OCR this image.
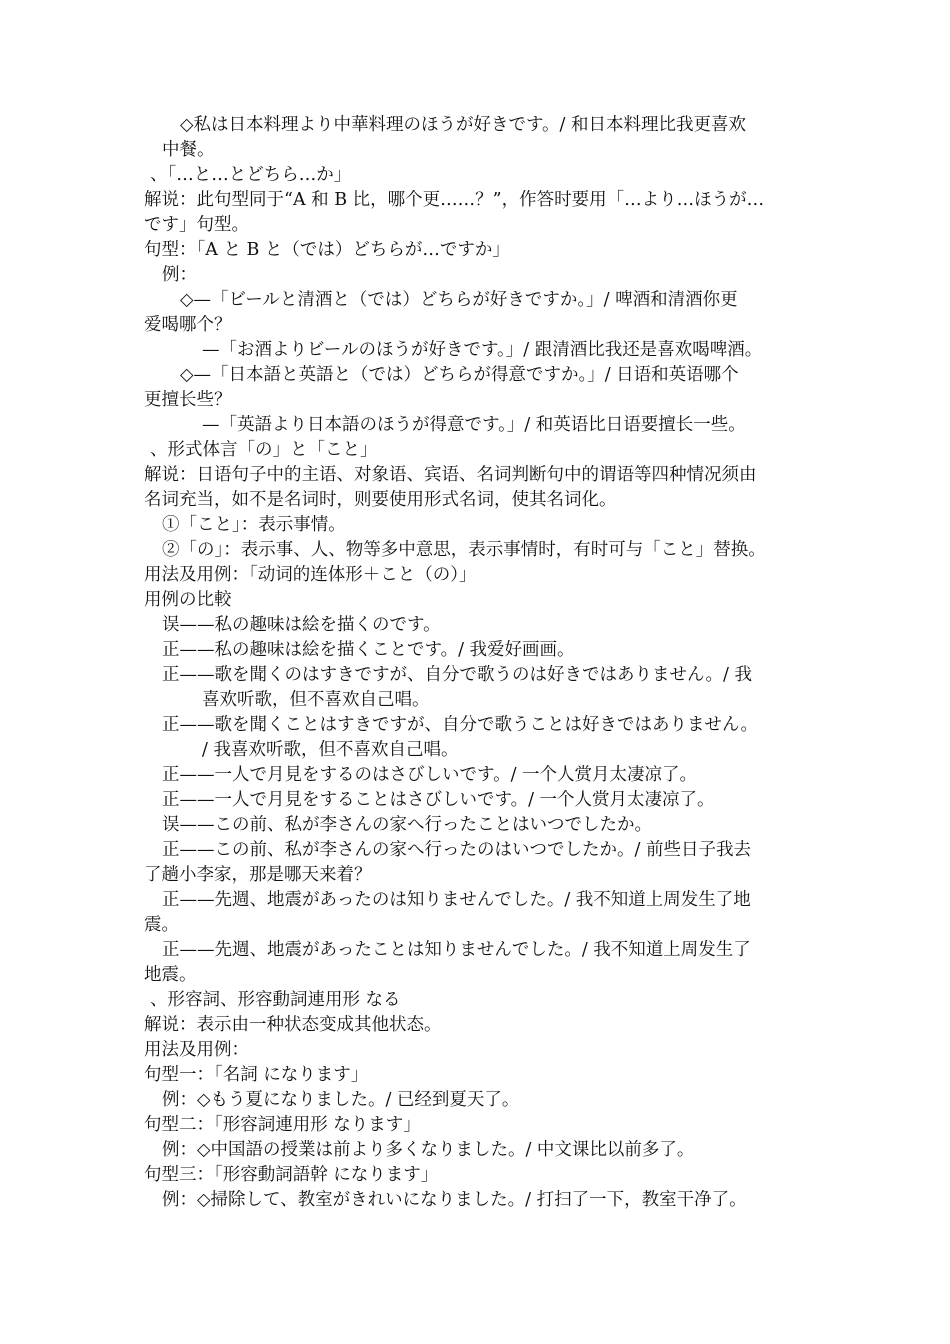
◇私は日本料理より中華料理のほうが好きです。/ 和日本料理比我更喜欢
中餐。
、「…と…とどちら…か」
解说：此句型同于“A 和 B 比，哪个更……？”，作答时要用「…より…ほうが…
です」句型。
句型：「A と B と（では）どちらが…ですか」
例：
◇—「ビールと清酒と（では）どちらが好きですか。」/ 啤酒和清酒你更
爱喝哪个？
—「お酒よりビールのほうが好きです。」/ 跟清酒比我还是喜欢喝啤酒。
◇—「日本語と英語と（では）どちらが得意ですか。」/ 日语和英语哪个
更擅长些？
—「英語より日本語のほうが得意です。」/ 和英语比日语要擅长一些。
、形式体言「の」と「こと」
解说：日语句子中的主语、对象语、宾语、名词判断句中的谓语等四种情况须由
名词充当，如不是名词时，则要使用形式名词，使其名词化。
①「こと」：表示事情。
②「の」：表示事、人、物等多中意思，表示事情时，有时可与「こと」替换。
用法及用例：「动词的连体形＋こと（の）」
用例の比較
误——私の趣味は絵を描くのです。
正——私の趣味は絵を描くことです。/ 我爱好画画。
正——歌を聞くのはすきですが、自分で歌うのは好きではありません。/ 我
喜欢听歌，但不喜欢自己唱。
正——歌を聞くことはすきですが、自分で歌うことは好きではありません。
/ 我喜欢听歌，但不喜欢自己唱。
正——一人で月見をするのはさびしいです。/ 一个人赏月太凄凉了。
正——一人で月見をすることはさびしいです。/ 一个人赏月太凄凉了。
误——この前、私が李さんの家へ行ったことはいつでしたか。
正——この前、私が李さんの家へ行ったのはいつでしたか。/ 前些日子我去
了趟小李家，那是哪天来着？
正——先週、地震があったのは知りませんでした。/ 我不知道上周发生了地
震。
正——先週、地震があったことは知りませんでした。/ 我不知道上周发生了
地震。
、形容詞、形容動詞連用形 なる
解说：表示由一种状态变成其他状态。
用法及用例：
句型一：「名詞 になります」
例：◇もう夏になりました。/ 已经到夏天了。
句型二：「形容詞連用形 なります」
例：◇中国語の授業は前より多くなりました。/ 中文课比以前多了。
句型三：「形容動詞語幹 になります」
例：◇掃除して、教室がきれいになりました。/ 打扫了一下，教室干净了。
